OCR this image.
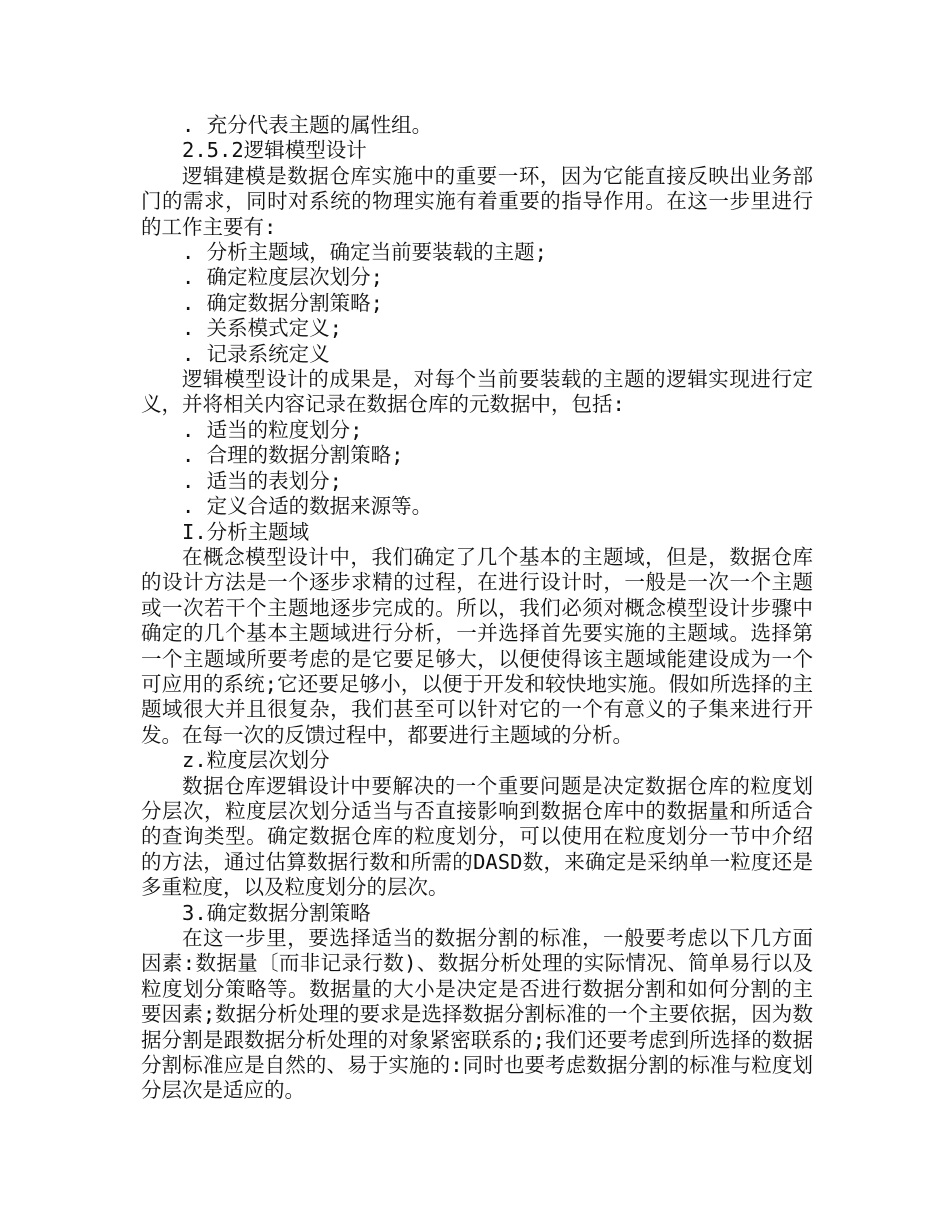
. 充分代表主题的属性组。

2.5.2逻辑模型设计

逻辑建模是数据仓库实施中的重要一环，因为它能直接反映出业务部门的需求，同时对系统的物理实施有着重要的指导作用。在这一步里进行的工作主要有:

. 分析主题域，确定当前要装载的主题;

. 确定粒度层次划分;

. 确定数据分割策略;

. 关系模式定义;

. 记录系统定义

逻辑模型设计的成果是，对每个当前要装载的主题的逻辑实现进行定义，并将相关内容记录在数据仓库的元数据中，包括:

. 适当的粒度划分;

. 合理的数据分割策略;

. 适当的表划分;

. 定义合适的数据来源等。

I.分析主题域

在概念模型设计中，我们确定了几个基本的主题域，但是，数据仓库的设计方法是一个逐步求精的过程，在进行设计时，一般是一次一个主题或一次若干个主题地逐步完成的。所以，我们必须对概念模型设计步骤中确定的几个基本主题域进行分析，一并选择首先要实施的主题域。选择第一个主题域所要考虑的是它要足够大，以便使得该主题域能建设成为一个可应用的系统;它还要足够小，以便于开发和较快地实施。假如所选择的主题域很大并且很复杂，我们甚至可以针对它的一个有意义的子集来进行开发。在每一次的反馈过程中，都要进行主题域的分析。

z.粒度层次划分

数据仓库逻辑设计中要解决的一个重要问题是决定数据仓库的粒度划分层次，粒度层次划分适当与否直接影响到数据仓库中的数据量和所适合的查询类型。确定数据仓库的粒度划分，可以使用在粒度划分一节中介绍的方法，通过估算数据行数和所需的DASD数，来确定是采纳单一粒度还是多重粒度，以及粒度划分的层次。

3.确定数据分割策略

在这一步里，要选择适当的数据分割的标准，一般要考虑以下几方面因素:数据量〔而非记录行数)、数据分析处理的实际情况、简单易行以及粒度划分策略等。数据量的大小是决定是否进行数据分割和如何分割的主要因素;数据分析处理的要求是选择数据分割标准的一个主要依据，因为数据分割是跟数据分析处理的对象紧密联系的;我们还要考虑到所选择的数据分割标准应是自然的、易于实施的:同时也要考虑数据分割的标准与粒度划分层次是适应的。
